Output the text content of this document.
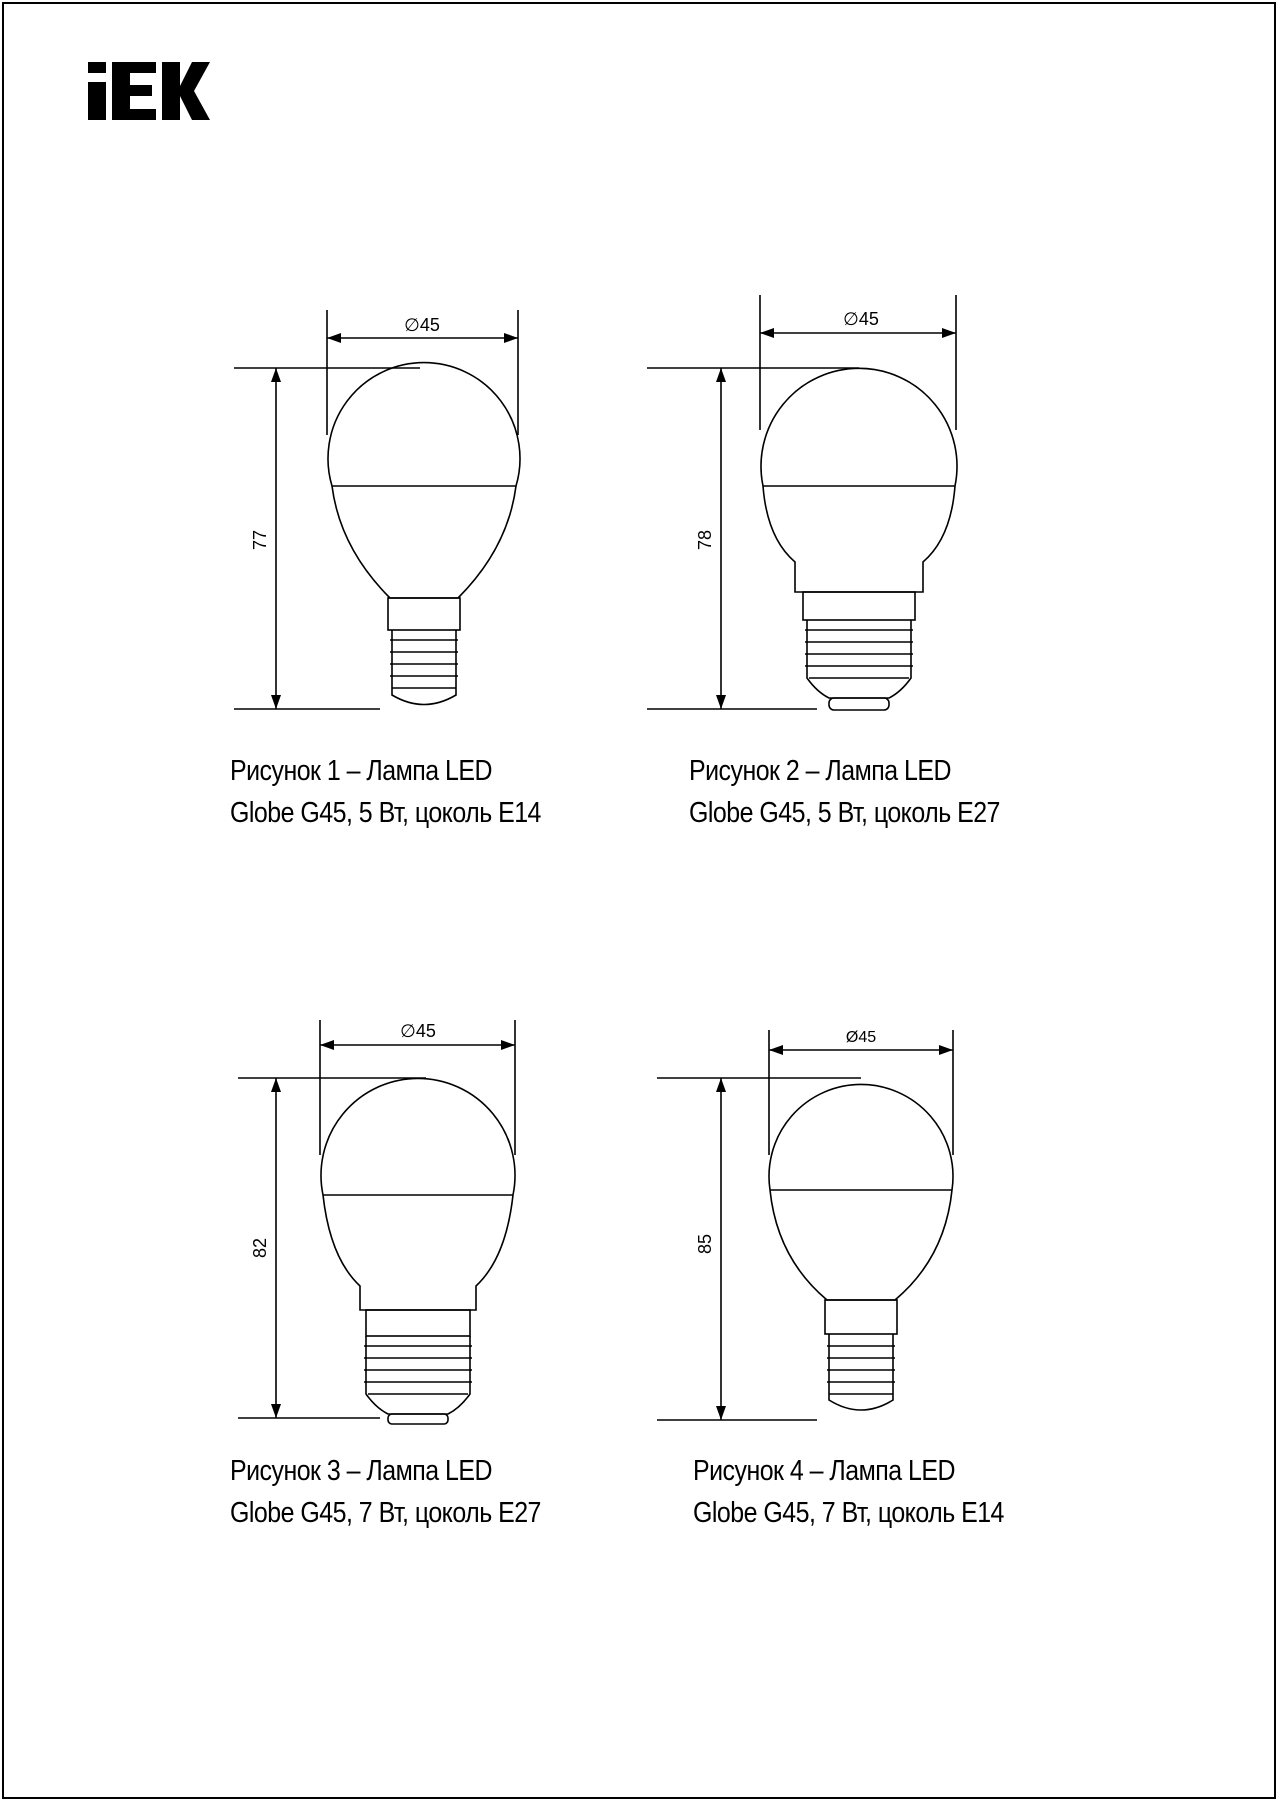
∅45
77
Рисунок 1 – Лампа LED
Globe G45, 5 Вт, цоколь E14
∅45
78
Рисунок 2 – Лампа LED
Globe G45, 5 Вт, цоколь E27
∅45
82
Рисунок 3 – Лампа LED
Globe G45, 7 Вт, цоколь E27
Ø45
85
Рисунок 4 – Лампа LED
Globe G45, 7 Вт, цоколь E14
